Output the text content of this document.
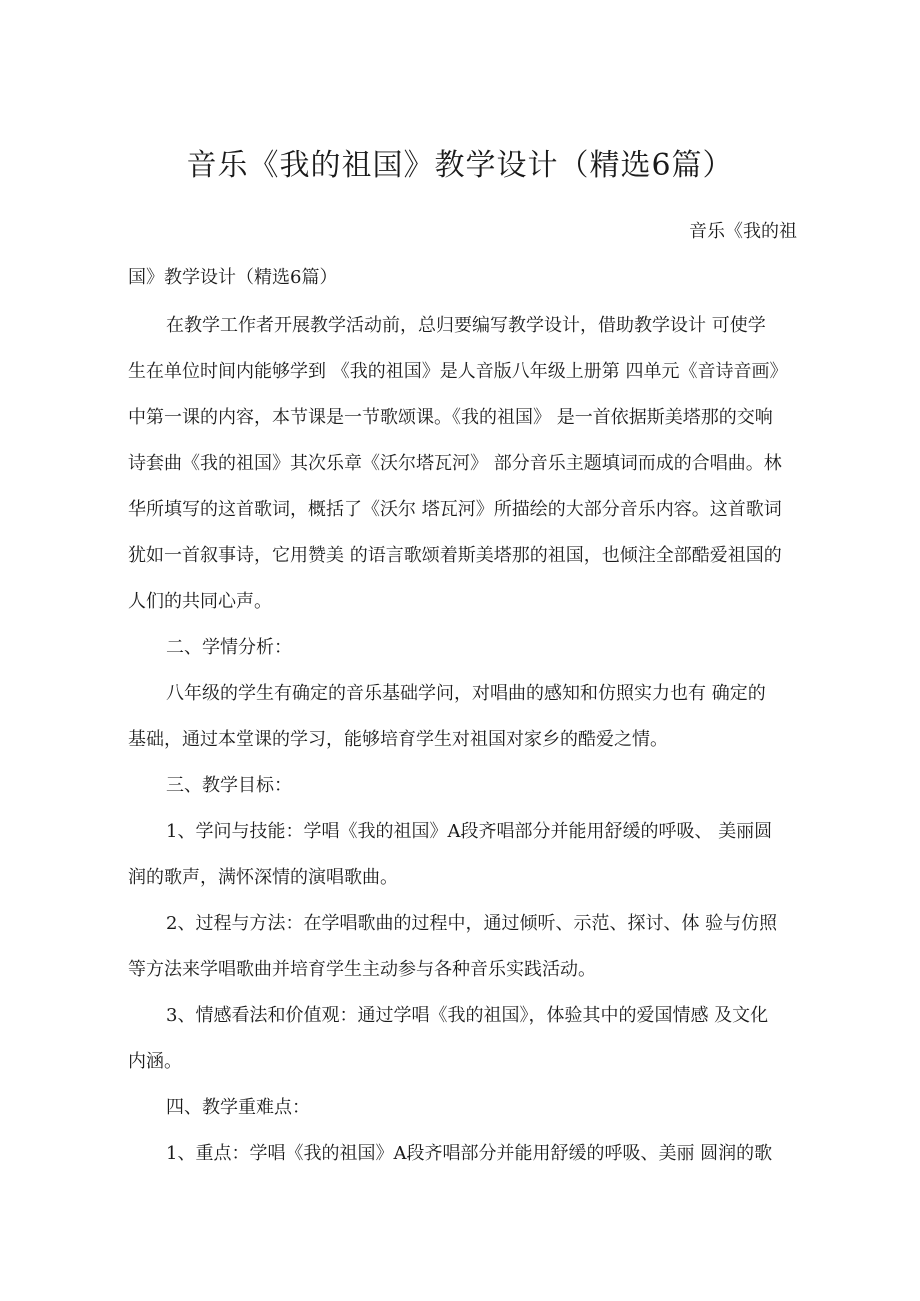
音乐《我的祖国》教学设计（精选6篇）
音乐《我的祖
国》教学设计（精选6篇）
在教学工作者开展教学活动前，总归要编写教学设计，借助教学设计 可使学
生在单位时间内能够学到 《我的祖国》是人音版八年级上册第 四单元《音诗音画》
中第一课的内容，本节课是一节歌颂课。《我的祖国》 是一首依据斯美塔那的交响
诗套曲《我的祖国》其次乐章《沃尔塔瓦河》 部分音乐主题填词而成的合唱曲。林
华所填写的这首歌词，概括了《沃尔 塔瓦河》所描绘的大部分音乐内容。这首歌词
犹如一首叙事诗，它用赞美 的语言歌颂着斯美塔那的祖国，也倾注全部酷爱祖国的
人们的共同心声。
二、学情分析：
八年级的学生有确定的音乐基础学问，对唱曲的感知和仿照实力也有 确定的
基础，通过本堂课的学习，能够培育学生对祖国对家乡的酷爱之情。
三、教学目标：
1、学问与技能：学唱《我的祖国》A段齐唱部分并能用舒缓的呼吸、 美丽圆
润的歌声，满怀深情的演唱歌曲。
2、过程与方法：在学唱歌曲的过程中，通过倾听、示范、探讨、体 验与仿照
等方法来学唱歌曲并培育学生主动参与各种音乐实践活动。
3、情感看法和价值观：通过学唱《我的祖国》，体验其中的爱国情感 及文化
内涵。
四、教学重难点：
1、重点：学唱《我的祖国》A段齐唱部分并能用舒缓的呼吸、美丽 圆润的歌
